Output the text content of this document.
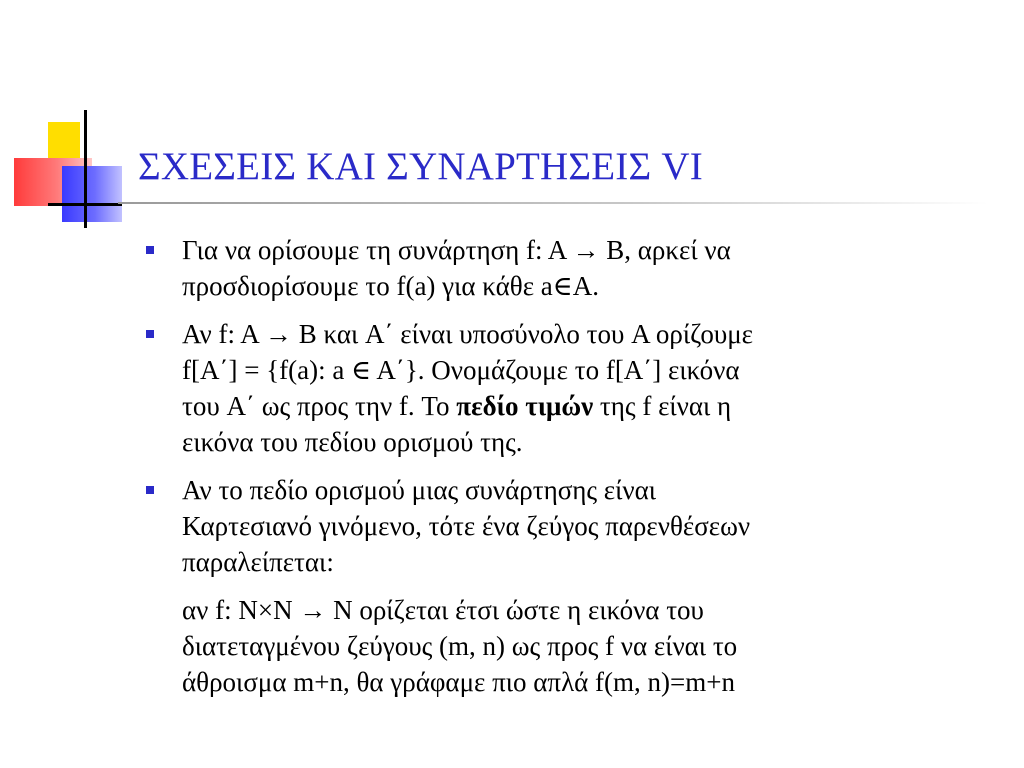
ΣΧΕΣΕΙΣ ΚΑΙ ΣΥΝΑΡΤΗΣΕΙΣ VI
Για να ορίσουμε τη συνάρτηση f: A → B, αρκεί να
προσδιορίσουμε το f(a) για κάθε a∈A.
Αν f: A → B και A΄ είναι υποσύνολο του A ορίζουμε
f[A΄] = {f(a): a ∈ A΄}. Ονομάζουμε το f[A΄] εικόνα
του A΄ ως προς την f. Το πεδίο τιμών της f είναι η
εικόνα του πεδίου ορισμού της.
Αν το πεδίο ορισμού μιας συνάρτησης είναι
Καρτεσιανό γινόμενο, τότε ένα ζεύγος παρενθέσεων
παραλείπεται:
αν f: N×N → N ορίζεται έτσι ώστε η εικόνα του
διατεταγμένου ζεύγους (m, n) ως προς f να είναι το
άθροισμα m+n, θα γράφαμε πιο απλά f(m, n)=m+n
